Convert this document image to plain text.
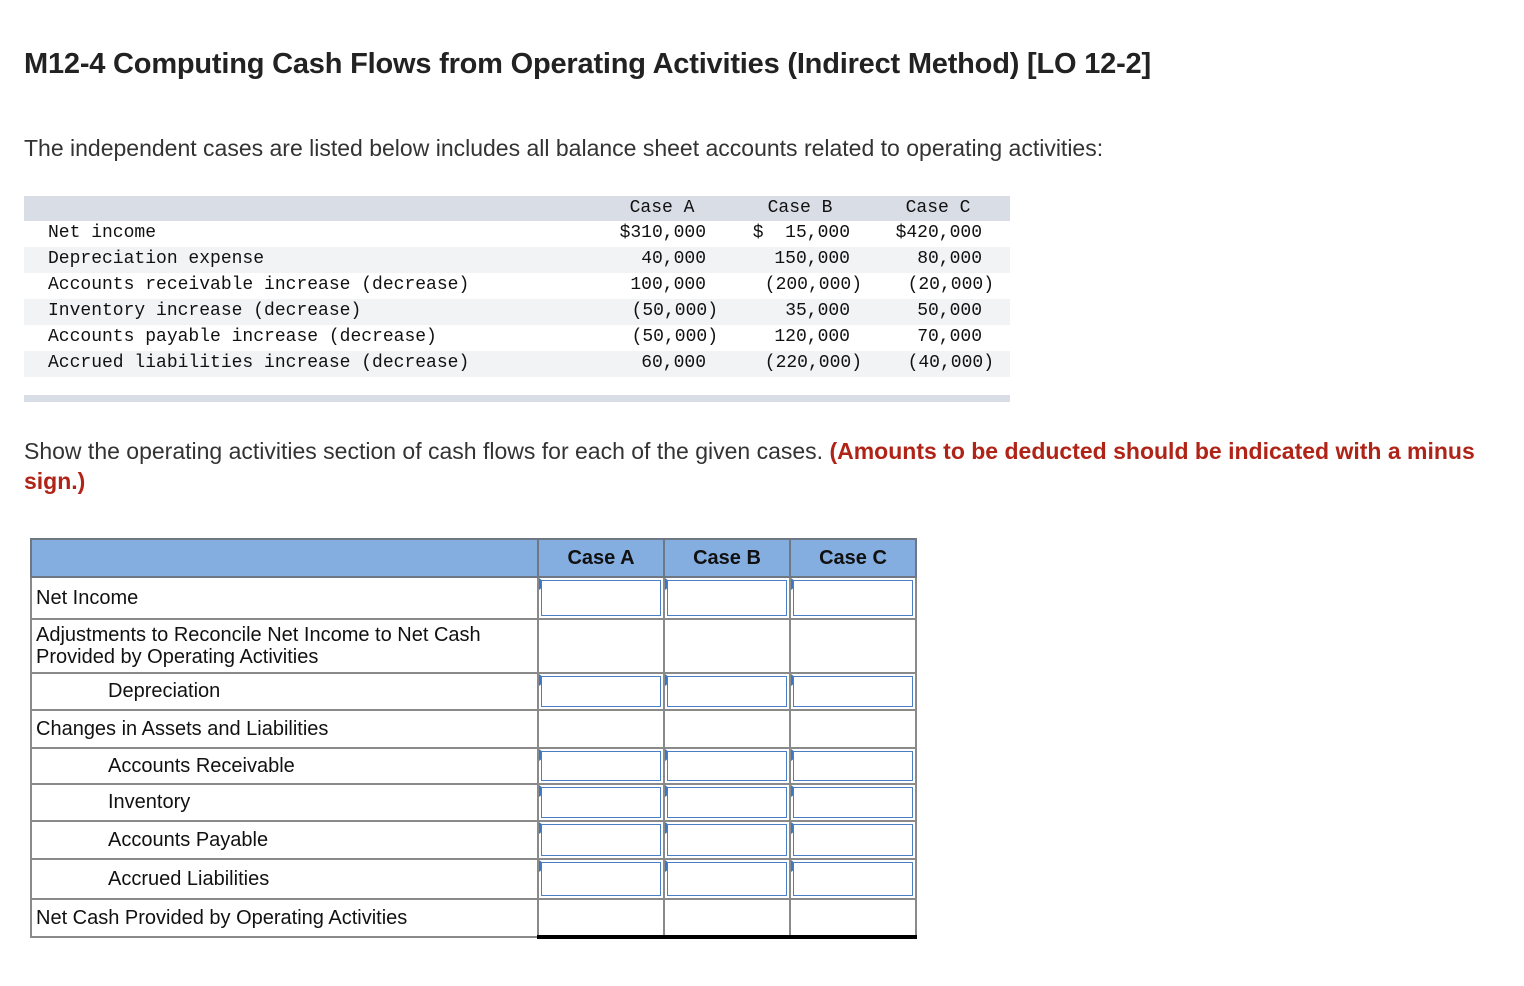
M12-4 Computing Cash Flows from Operating Activities (Indirect Method) [LO 12-2]

The independent cases are listed below includes all balance sheet accounts related to operating activities:

Case A	Case B	Case C
Net income	$310,000	$  15,000	$420,000
Depreciation expense	40,000	150,000	80,000
Accounts receivable increase (decrease)	100,000	(200,000)	(20,000)
Inventory increase (decrease)	(50,000)	35,000	50,000
Accounts payable increase (decrease)	(50,000)	120,000	70,000
Accrued liabilities increase (decrease)	60,000	(220,000)	(40,000)

Show the operating activities section of cash flows for each of the given cases. (Amounts to be deducted should be indicated with a minus sign.)

	Case A	Case B	Case C
Net Income	

Adjustments to Reconcile Net Income to Net Cash Provided by Operating Activities			
Depreciation	

Changes in Assets and Liabilities			
Accounts Receivable	

Inventory	

Accounts Payable	

Accrued Liabilities	

Net Cash Provided by Operating Activities			
